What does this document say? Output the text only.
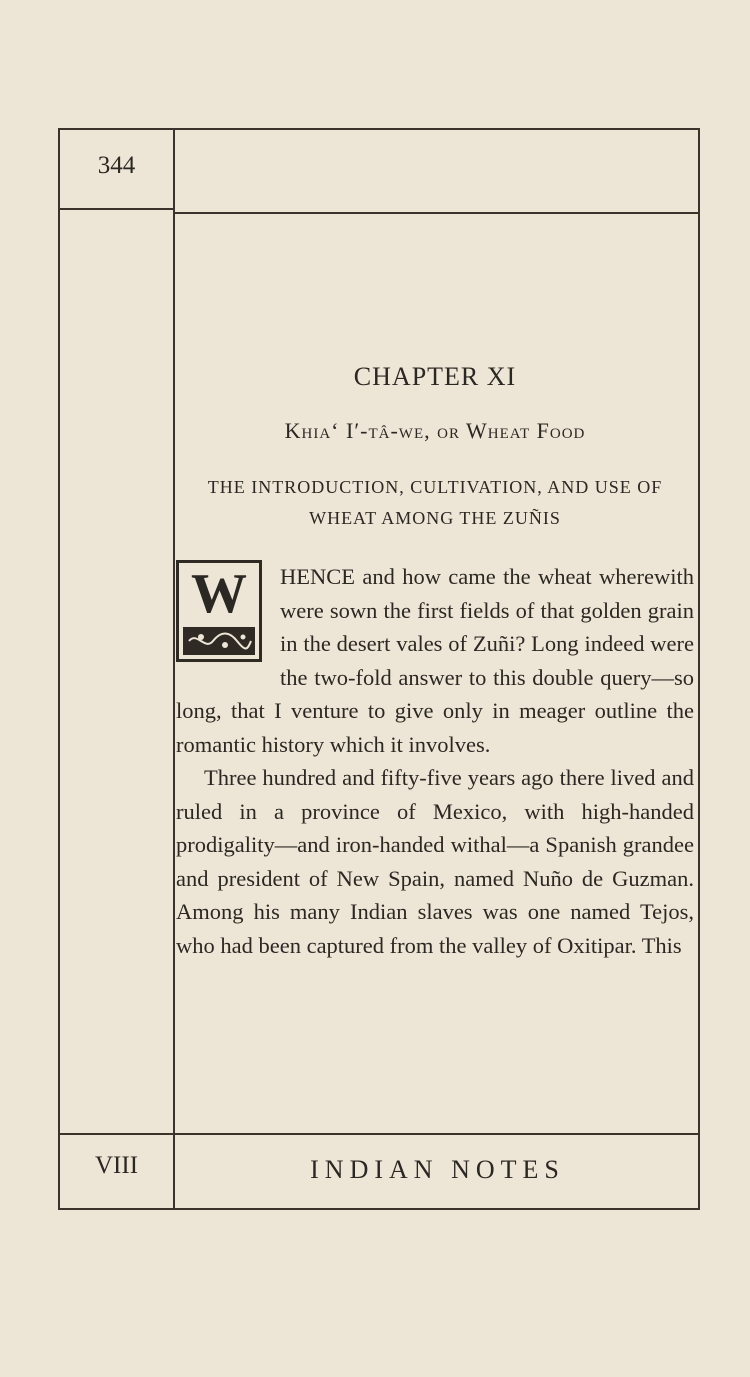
344
VIII	INDIAN NOTES
CHAPTER XI
Khia‘ I′-tâ-we, or Wheat Food
THE INTRODUCTION, CULTIVATION, AND USE OF WHEAT AMONG THE ZUÑIS

W HENCE and how came the wheat wherewith were sown the first fields of that golden grain in the desert vales of Zuñi? Long indeed were the two-fold answer to this double query—so long, that I venture to give only in meager outline the romantic history which it involves.

Three hundred and fifty-five years ago there lived and ruled in a province of Mexico, with high-handed prodigality—and iron-handed withal—a Spanish grandee and president of New Spain, named Nuño de Guzman. Among his many Indian slaves was one named Tejos, who had been captured from the valley of Oxitipar. This
